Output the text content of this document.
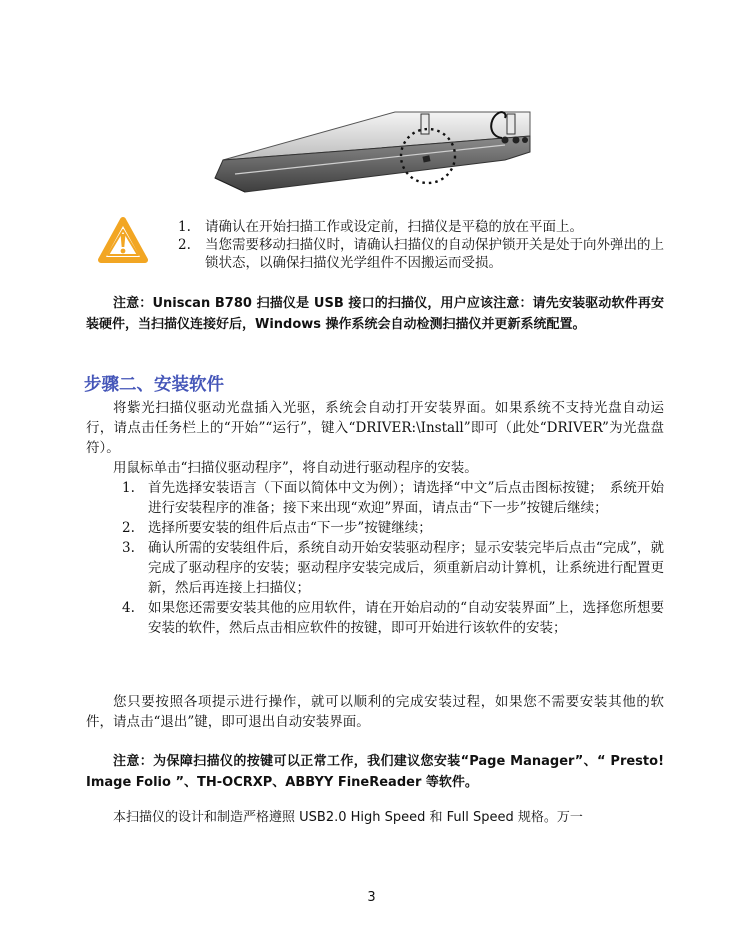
1. 请确认在开始扫描工作或设定前，扫描仪是平稳的放在平面上。
2. 当您需要移动扫描仪时，请确认扫描仪的自动保护锁开关是处于向外弹出的上锁状态，以确保扫描仪光学组件不因搬运而受损。
注意：Uniscan B780 扫描仪是 USB 接口的扫描仪，用户应该注意：请先安装驱动软件再安装硬件，当扫描仪连接好后，Windows 操作系统会自动检测扫描仪并更新系统配置。
步骤二、安装软件
将紫光扫描仪驱动光盘插入光驱，系统会自动打开安装界面。如果系统不支持光盘自动运行，请点击任务栏上的“开始”“运行”，键入“DRIVER:\Install”即可（此处“DRIVER”为光盘盘符）。
用鼠标单击“扫描仪驱动程序”，将自动进行驱动程序的安装。
1. 首先选择安装语言（下面以简体中文为例）；请选择“中文”后点击图标按键；　系统开始进行安装程序的准备；接下来出现“欢迎”界面，请点击“下一步”按键后继续；
2. 选择所要安装的组件后点击“下一步”按键继续；
3. 确认所需的安装组件后，系统自动开始安装驱动程序；显示安装完毕后点击“完成”，就完成了驱动程序的安装；驱动程序安装完成后，须重新启动计算机，让系统进行配置更新，然后再连接上扫描仪；
4. 如果您还需要安装其他的应用软件，请在开始启动的“自动安装界面”上，选择您所想要安装的软件，然后点击相应软件的按键，即可开始进行该软件的安装；
您只要按照各项提示进行操作，就可以顺利的完成安装过程，如果您不需要安装其他的软件，请点击“退出”键，即可退出自动安装界面。
注意：为保障扫描仪的按键可以正常工作，我们建议您安装“Page Manager”、“ Presto! Image Folio ”、TH-OCRXP、ABBYY FineReader 等软件。
本扫描仪的设计和制造严格遵照 USB2.0 High Speed 和 Full Speed 规格。万一
3
